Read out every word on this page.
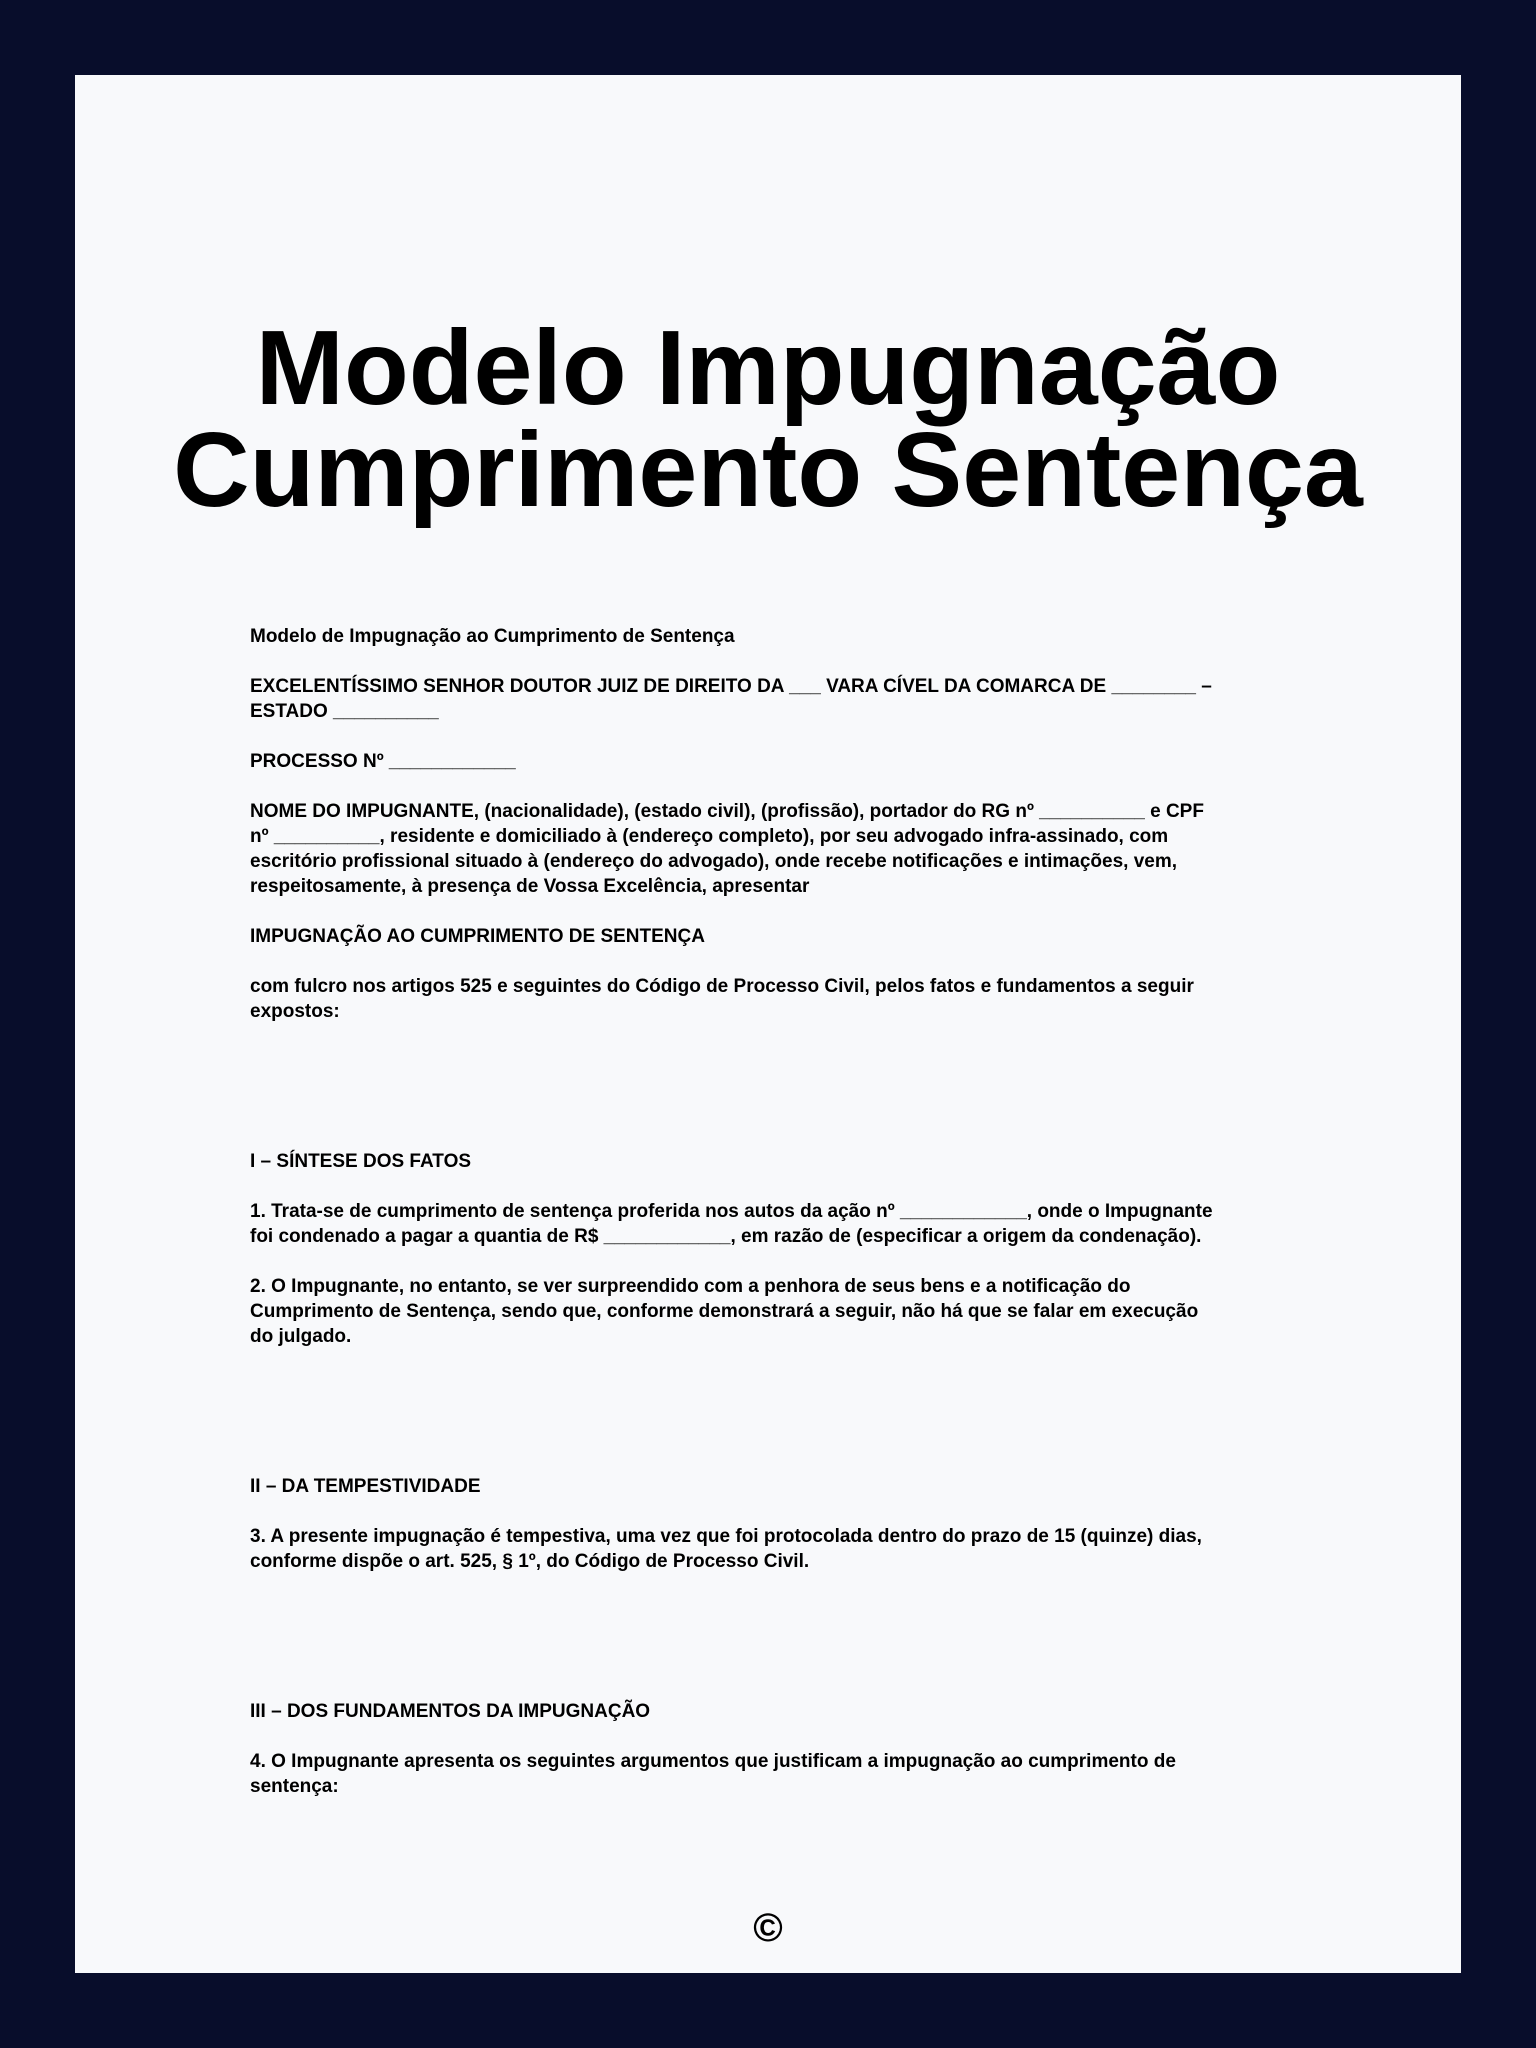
Modelo Impugnação
Cumprimento Sentença

Modelo de Impugnação ao Cumprimento de Sentença

EXCELENTÍSSIMO SENHOR DOUTOR JUIZ DE DIREITO DA ___ VARA CÍVEL DA COMARCA DE ________ –
ESTADO __________

PROCESSO Nº ____________

NOME DO IMPUGNANTE, (nacionalidade), (estado civil), (profissão), portador do RG nº __________ e CPF
nº __________, residente e domiciliado à (endereço completo), por seu advogado infra-assinado, com
escritório profissional situado à (endereço do advogado), onde recebe notificações e intimações, vem,
respeitosamente, à presença de Vossa Excelência, apresentar

IMPUGNAÇÃO AO CUMPRIMENTO DE SENTENÇA

com fulcro nos artigos 525 e seguintes do Código de Processo Civil, pelos fatos e fundamentos a seguir
expostos:

I – SÍNTESE DOS FATOS

1. Trata-se de cumprimento de sentença proferida nos autos da ação nº ____________, onde o Impugnante
foi condenado a pagar a quantia de R$ ____________, em razão de (especificar a origem da condenação).

2. O Impugnante, no entanto, se ver surpreendido com a penhora de seus bens e a notificação do
Cumprimento de Sentença, sendo que, conforme demonstrará a seguir, não há que se falar em execução
do julgado.

II – DA TEMPESTIVIDADE

3. A presente impugnação é tempestiva, uma vez que foi protocolada dentro do prazo de 15 (quinze) dias,
conforme dispõe o art. 525, § 1º, do Código de Processo Civil.

III – DOS FUNDAMENTOS DA IMPUGNAÇÃO

4. O Impugnante apresenta os seguintes argumentos que justificam a impugnação ao cumprimento de
sentença:

©
